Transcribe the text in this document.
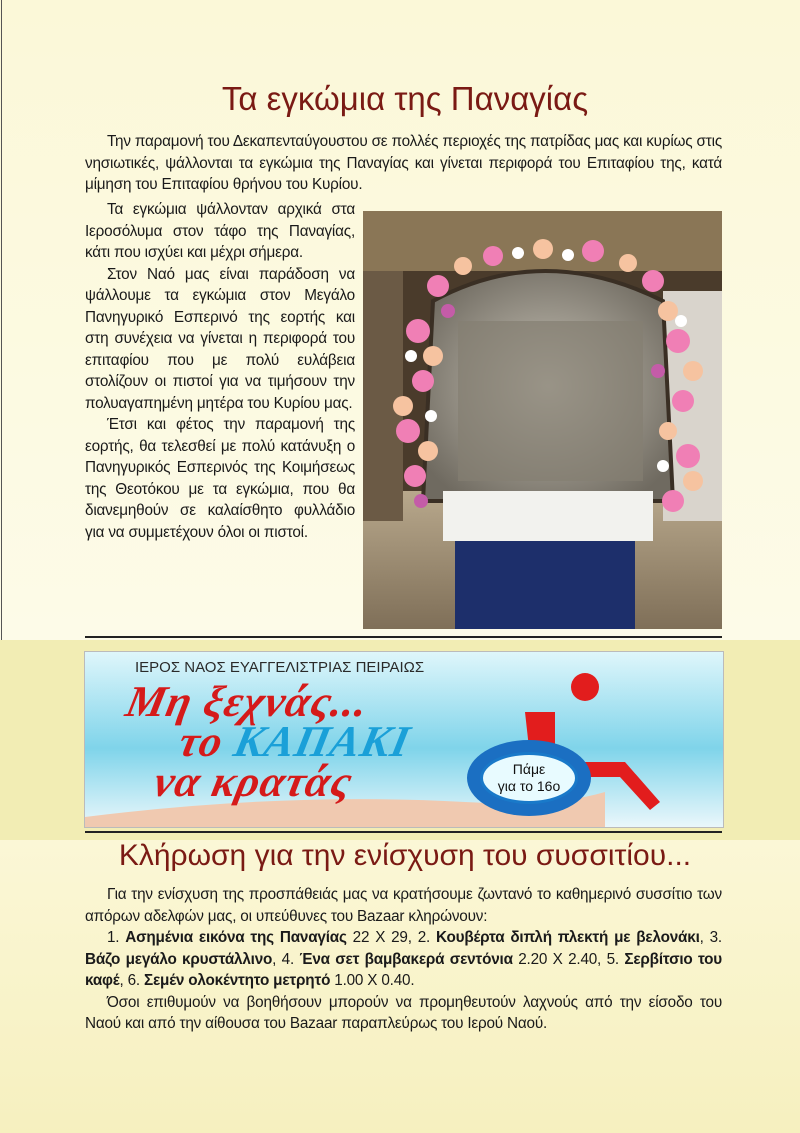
Τα εγκώμια της Παναγίας

Την παραμονή του Δεκαπενταύγουστου σε πολλές περιοχές της πατρίδας μας και κυρίως στις νησιωτικές, ψάλλονται τα εγκώμια της Παναγίας και γίνεται περιφορά του Επιταφίου της, κατά μίμηση του Επιταφίου θρήνου του Κυρίου.

Τα εγκώμια ψάλλονταν αρχικά στα Ιεροσόλυμα στον τάφο της Παναγίας, κάτι που ισχύει και μέχρι σήμερα.

Στον Ναό μας είναι παράδοση να ψάλλουμε τα εγκώμια στον Μεγάλο Πανηγυρικό Εσπερινό της εορτής και στη συνέχεια να γίνεται η περιφορά του επιταφίου που με πολύ ευλάβεια στολίζουν οι πιστοί για να τιμήσουν την πολυαγαπημένη μητέρα του Κυρίου μας.

Έτσι και φέτος την παραμονή της εορτής, θα τελεσθεί με πολύ κατάνυξη ο Πανηγυρικός Εσπερινός της Κοιμήσεως της Θεοτόκου με τα εγκώμια, που θα διανεμηθούν σε καλαίσθητο φυλλάδιο για να συμμετέχουν όλοι οι πιστοί.

ΙΕΡΟΣ ΝΑΟΣ ΕΥΑΓΓΕΛΙΣΤΡΙΑΣ ΠΕΙΡΑΙΩΣ
Μη ξεχνάς...
το ΚΑΠΑΚΙ
να κρατάς	Πάμε
για το 16ο
Κλήρωση για την ενίσχυση του συσσιτίου...

Για την ενίσχυση της προσπάθειάς μας να κρατήσουμε ζωντανό το καθημερινό συσσίτιο των απόρων αδελφών μας, οι υπεύθυνες του Bazaar κληρώνουν:

1. Ασημένια εικόνα της Παναγίας 22 Χ 29, 2. Κουβέρτα διπλή πλεκτή με βελονάκι, 3. Βάζο μεγάλο κρυστάλλινο, 4. Ένα σετ βαμβακερά σεντόνια 2.20 Χ 2.40, 5. Σερβίτσιο του καφέ, 6. Σεμέν ολοκέντητο μετρητό 1.00 Χ 0.40.

Όσοι επιθυμούν να βοηθήσουν μπορούν να προμηθευτούν λαχνούς από την είσοδο του Ναού και από την αίθουσα του Bazaar παραπλεύρως του Ιερού Ναού.
